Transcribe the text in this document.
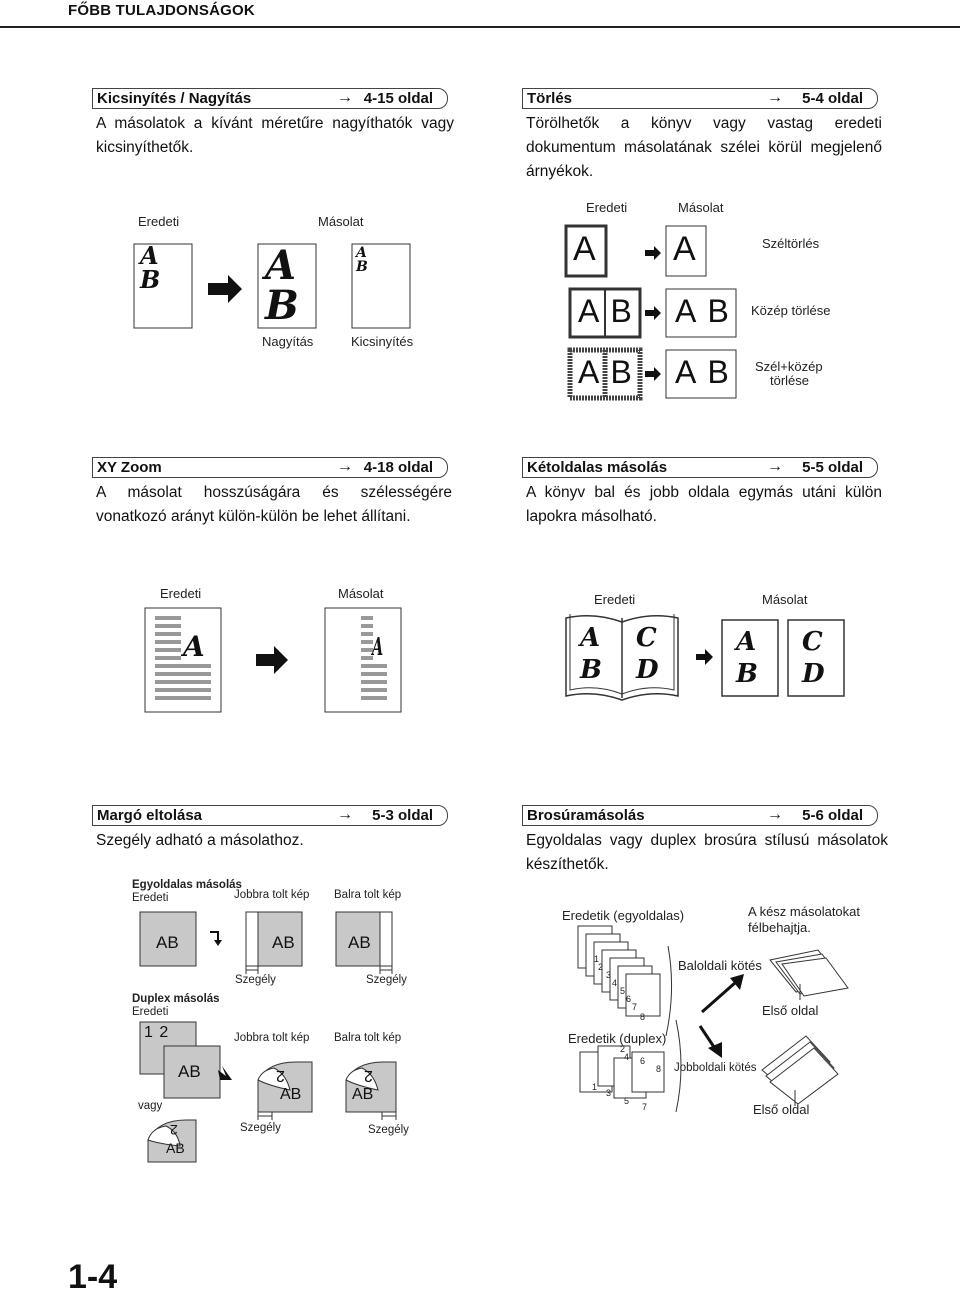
FŐBB TULAJDONSÁGOK
Kicsinyítés / Nagyítás	→ 4-15 oldal
A másolatok a kívánt méretűre nagyíthatók vagy kicsinyíthetők.
Eredeti	Másolat
A
B	A
B
A
B
Nagyítás	Kicsinyítés
Törlés	→ 5-4 oldal
Törölhetők a könyv vagy vastag eredeti dokumentum másolatának szélei körül megjelenő árnyékok.
Eredeti	Másolat
A A
A B A B
A B A B
Széltörlés
Közép törlése
Szél+közép
törlése
XY Zoom	→ 4-18 oldal
A másolat hosszúságára és szélességére vonatkozó arányt külön-külön be lehet állítani.
Eredeti	Másolat
A	A
Kétoldalas másolás	→ 5-5 oldal
A könyv bal és jobb oldala egymás utáni külön lapokra másolható.
Eredeti	Másolat
A
B
C
D
A
B
C
D
Margó eltolása	→ 5-3 oldal
Szegély adható a másolathoz.
Egyoldalas másolás
Eredeti	Jobbra tolt kép Balra tolt kép
AB	AB	AB
Szegély	Szegély
Duplex másolás
Eredeti
Jobbra tolt kép Balra tolt kép
1 2
AB
AB	AB
2	2
vagy
AB
2	Szegély	Szegély
Brosúramásolás	→ 5-6 oldal
Egyoldalas vagy duplex brosúra stílusú másolatok készíthetők.
Eredetik (egyoldalas)	A kész másolatokat
félbehajtja.
1
2
3
4
5
6
7
8
2
4 6
8
1
3
5
7
Baloldali kötés
Első oldal
Eredetik (duplex)
Jobboldali kötés
Első oldal
1-4
